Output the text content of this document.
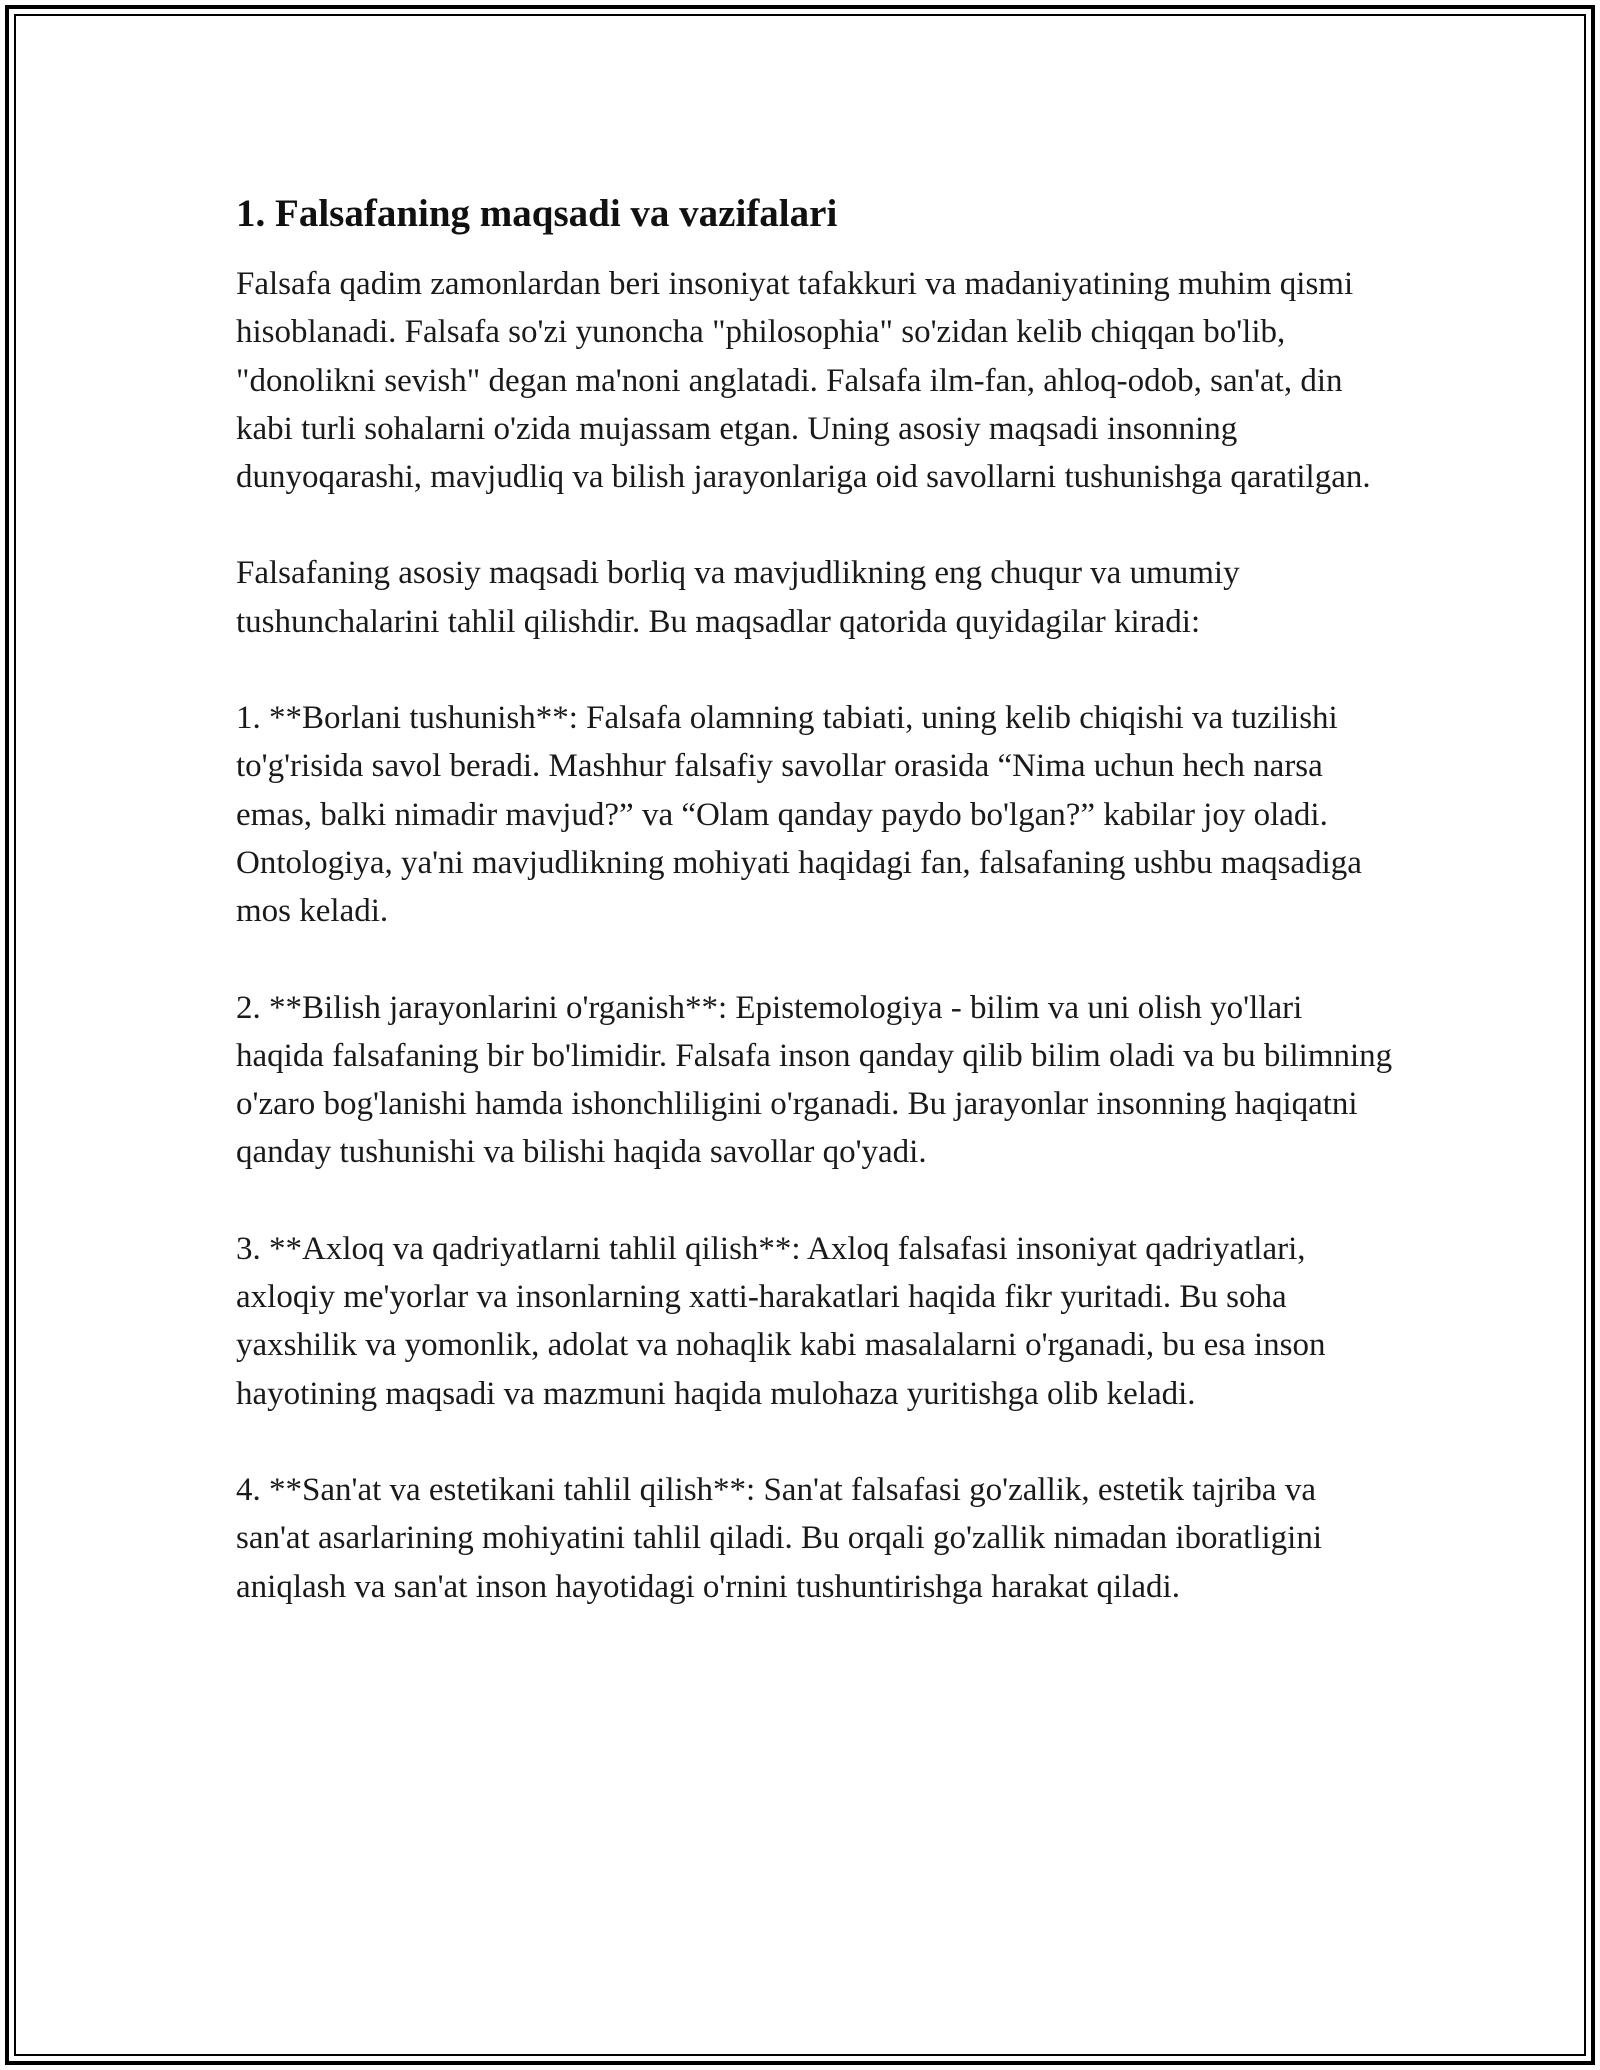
1. Falsafaning maqsadi va vazifalari

Falsafa qadim zamonlardan beri insoniyat tafakkuri va madaniyatining muhim qismi hisoblanadi. Falsafa so'zi yunoncha "philosophia" so'zidan kelib chiqqan bo'lib, "donolikni sevish" degan ma'noni anglatadi. Falsafa ilm-fan, ahloq-odob, san'at, din kabi turli sohalarni o'zida mujassam etgan. Uning asosiy maqsadi insonning dunyoqarashi, mavjudliq va bilish jarayonlariga oid savollarni tushunishga qaratilgan.

Falsafaning asosiy maqsadi borliq va mavjudlikning eng chuqur va umumiy tushunchalarini tahlil qilishdir. Bu maqsadlar qatorida quyidagilar kiradi:

1. **Borlani tushunish**: Falsafa olamning tabiati, uning kelib chiqishi va tuzilishi to'g'risida savol beradi. Mashhur falsafiy savollar orasida “Nima uchun hech narsa emas, balki nimadir mavjud?” va “Olam qanday paydo bo'lgan?” kabilar joy oladi. Ontologiya, ya'ni mavjudlikning mohiyati haqidagi fan, falsafaning ushbu maqsadiga mos keladi.

2. **Bilish jarayonlarini o'rganish**: Epistemologiya - bilim va uni olish yo'llari haqida falsafaning bir bo'limidir. Falsafa inson qanday qilib bilim oladi va bu bilimning o'zaro bog'lanishi hamda ishonchliligini o'rganadi. Bu jarayonlar insonning haqiqatni qanday tushunishi va bilishi haqida savollar qo'yadi.

3. **Axloq va qadriyatlarni tahlil qilish**: Axloq falsafasi insoniyat qadriyatlari, axloqiy me'yorlar va insonlarning xatti-harakatlari haqida fikr yuritadi. Bu soha yaxshilik va yomonlik, adolat va nohaqlik kabi masalalarni o'rganadi, bu esa inson hayotining maqsadi va mazmuni haqida mulohaza yuritishga olib keladi.

4. **San'at va estetikani tahlil qilish**: San'at falsafasi go'zallik, estetik tajriba va san'at asarlarining mohiyatini tahlil qiladi. Bu orqali go'zallik nimadan iboratligini aniqlash va san'at inson hayotidagi o'rnini tushuntirishga harakat qiladi.
